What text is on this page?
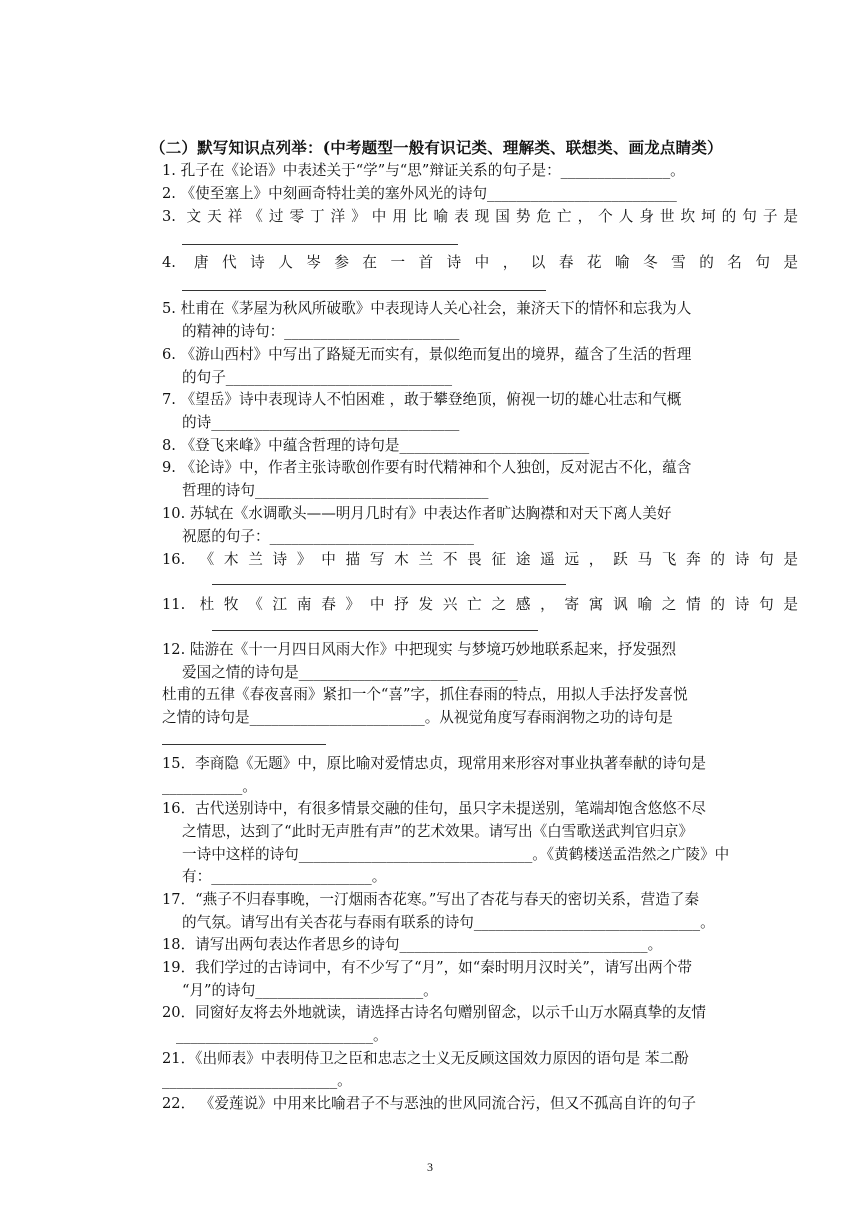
（二）默写知识点列举：(中考题型一般有识记类、理解类、联想类、画龙点睛类）
1. 孔子在《论语》中表述关于“学”与“思”辩证关系的句子是：_______________。
2. 《使至塞上》中刻画奇特壮美的塞外风光的诗句__________________________
3. 文天祥《过零丁洋》中用比喻表现国势危亡，个人身世坎坷的句子是
4. 唐代诗人岑参在一首诗中，以春花喻冬雪的名句是
5. 杜甫在《茅屋为秋风所破歌》中表现诗人关心社会，兼济天下的情怀和忘我为人
的精神的诗句：________________________
6. 《游山西村》中写出了路疑无而实有，景似绝而复出的境界，蕴含了生活的哲理
的句子_______________________________
7. 《望岳》诗中表现诗人不怕困难 ，敢于攀登绝顶，俯视一切的雄心壮志和气概
的诗__________________________________
8. 《登飞来峰》中蕴含哲理的诗句是__________________________
9. 《论诗》中，作者主张诗歌创作要有时代精神和个人独创，反对泥古不化，蕴含
哲理的诗句________________________________
10. 苏轼在《水调歌头——明月几时有》中表达作者旷达胸襟和对天下离人美好
祝愿的句子：____________________________
16. 《木兰诗》中描写木兰不畏征途遥远，跃马飞奔的诗句是
11. 杜牧《江南春》中抒发兴亡之感，寄寓讽喻之情的诗句是
12. 陆游在《十一月四日风雨大作》中把现实 与梦境巧妙地联系起来，抒发强烈
爱国之情的诗句是______________________________
杜甫的五律《春夜喜雨》紧扣一个“喜”字，抓住春雨的特点，用拟人手法抒发喜悦
之情的诗句是________________________。从视觉角度写春雨润物之功的诗句是
15．李商隐《无题》中，原比喻对爱情忠贞，现常用来形容对事业执著奉献的诗句是
___________。
16．古代送别诗中，有很多情景交融的佳句，虽只字未提送别，笔端却饱含悠悠不尽
之情思，达到了“此时无声胜有声”的艺术效果。请写出《白雪歌送武判官归京》
一诗中这样的诗句________________________________。《黄鹤楼送孟浩然之广陵》中
有：______________________。
17．“燕子不归春事晚，一汀烟雨杏花寒。”写出了杏花与春天的密切关系，营造了秦
的气氛。请写出有关杏花与春雨有联系的诗句_______________________________。
18．请写出两句表达作者思乡的诗句__________________________________。
19．我们学过的古诗词中，有不少写了“月”，如“秦时明月汉时关”，请写出两个带
“月”的诗句_______________________。
20．同窗好友将去外地就读，请选择古诗名句赠别留念，以示千山万水隔真挚的友情
___________________________。
21．《出师表》中表明侍卫之臣和忠志之士义无反顾这国效力原因的语句是 苯二酚
________________________。
22． 《爱莲说》中用来比喻君子不与恶浊的世风同流合污，但又不孤高自许的句子
3
